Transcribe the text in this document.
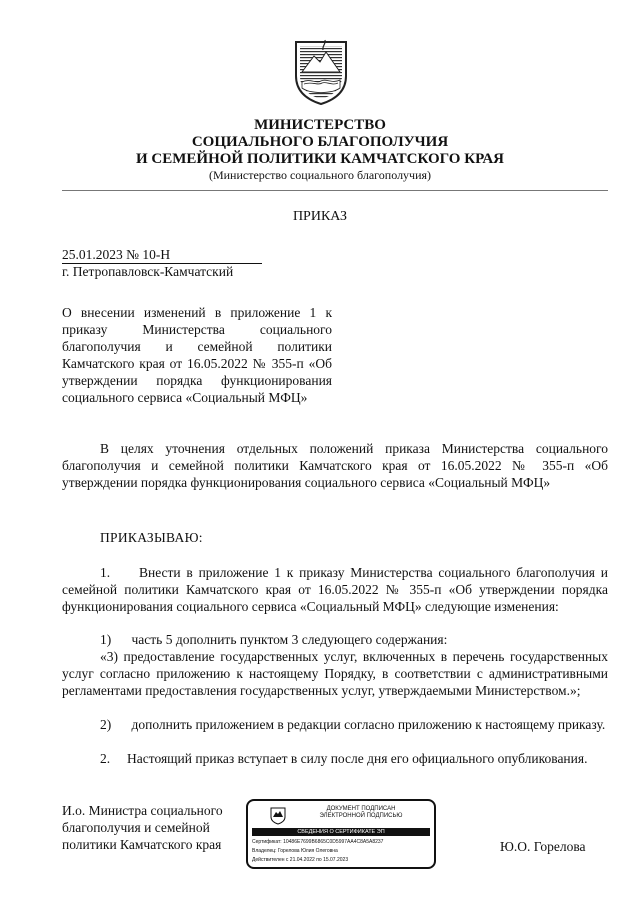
МИНИСТЕРСТВО
СОЦИАЛЬНОГО БЛАГОПОЛУЧИЯ
И СЕМЕЙНОЙ ПОЛИТИКИ КАМЧАТСКОГО КРАЯ
(Министерство социального благополучия)
ПРИКАЗ
25.01.2023 № 10-Н
г. Петропавловск-Камчатский
О внесении изменений в приложение 1 к приказу Министерства социального благополучия и семейной политики Камчатского края от 16.05.2022 № 355-п «Об утверждении порядка функционирования социального сервиса «Социальный МФЦ»
В целях уточнения отдельных положений приказа Министерства социального благополучия и семейной политики Камчатского края от 16.05.2022 № 355-п «Об утверждении порядка функционирования социального сервиса «Социальный МФЦ»
ПРИКАЗЫВАЮ:
1.     Внести в приложение 1 к приказу Министерства социального благополучия и семейной политики Камчатского края от 16.05.2022 № 355-п «Об утверждении порядка функционирования социального сервиса «Социальный МФЦ» следующие изменения:
1)      часть 5 дополнить пунктом 3 следующего содержания:
«3) предоставление государственных услуг, включенных в перечень государственных услуг согласно приложению к настоящему Порядку, в соответствии с административными регламентами предоставления государственных услуг, утверждаемыми Министерством.»;
2)      дополнить приложением в редакции согласно приложению к настоящему приказу.
2.     Настоящий приказ вступает в силу после дня его официального опубликования.
И.о. Министра социального благополучия и семейной политики Камчатского края
ДОКУМЕНТ ПОДПИСАН
ЭЛЕКТРОННОЙ ПОДПИСЬЮ
СВЕДЕНИЯ О СЕРТИФИКАТЕ ЭП
Сертификат: 10486E7699B6865C0D5997AA4C8A5A8237
Владелец: Горелова Юлия Олеговна
Действителен с 21.04.2022 по 15.07.2023
Ю.О. Горелова
